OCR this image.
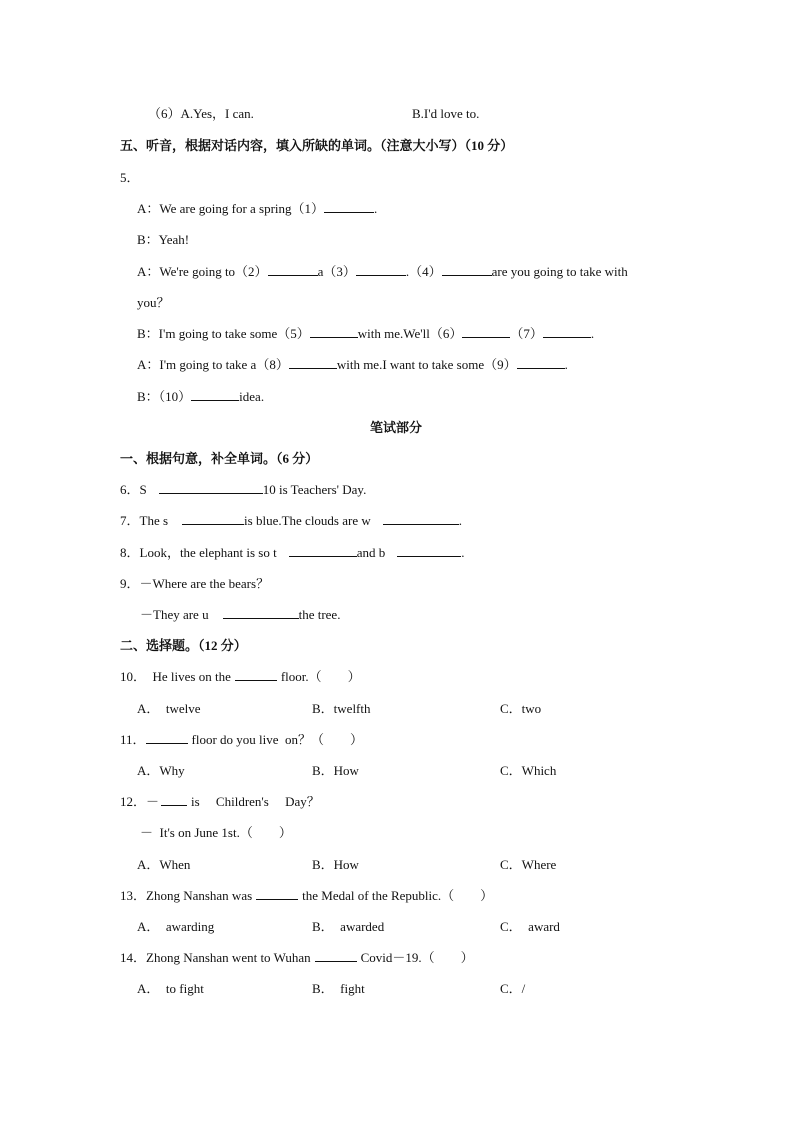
（6）A.Yes，I can.	B.I'd love to.
五、听音，根据对话内容，填入所缺的单词。（注意大小写）（10 分）
5．
A：We are going for a spring（1）	.
B：Yeah!
A：We're going to（2）	a（3）	.（4）	are you going to take with
you？
B：I'm going to take some（5）	with me.We'll（6）	（7）	.
A：I'm going to take a（8）	with me.I want to take some（9）	.
B：（10）	idea.
笔试部分
一、根据句意，补全单词。（6 分）
6．S	10 is Teachers' Day.
7．The s	is blue.The clouds are w	.
8．Look，the elephant is so t	and b	.
9．－Where are the bears？
－They are u	the tree.
二、选择题。（12 分）
10．  He lives on the	floor.（　　）
A．  twelve	B．twelfth	C．two
11．	floor do you live  on？（　　）
A．Why	B．How	C．Which
12．－ is     Children's     Day？
－  It's on June 1st.（　　）
A．When	B．How	C．Where
13．Zhong Nanshan was	the Medal of the Republic.（　　）
A．  awarding	B．  awarded	C．  award
14．Zhong Nanshan went to Wuhan	Covid－19.（　　）
A．  to fight	B．  fight	C．/
